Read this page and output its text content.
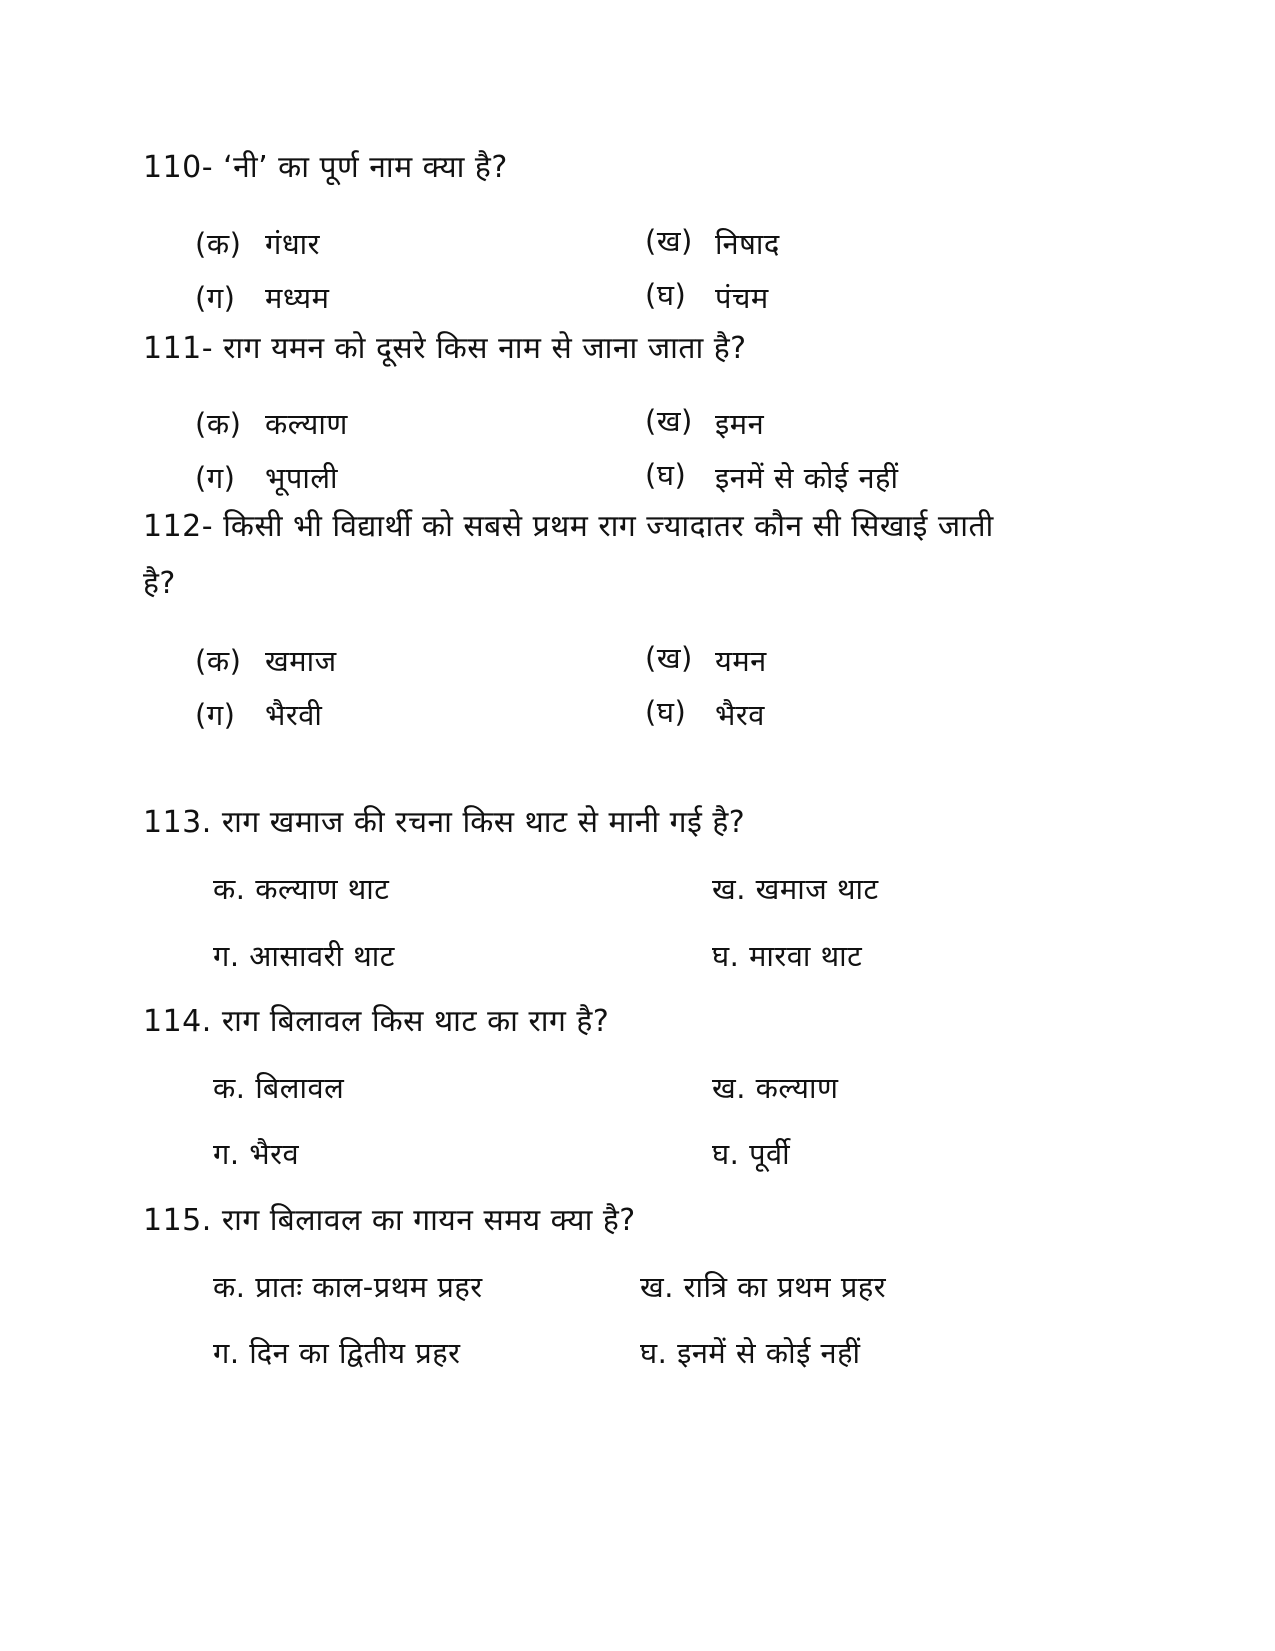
110- ‘नी’ का पूर्ण नाम क्या है?
(क) गंधार	(ख) निषाद
(ग) मध्यम	(घ) पंचम
111- राग यमन को दूसरे किस नाम से जाना जाता है?
(क) कल्याण	(ख) इमन
(ग) भूपाली	(घ) इनमें से कोई नहीं
112- किसी भी विद्यार्थी को सबसे प्रथम राग ज्यादातर कौन सी सिखाई जाती
है?
(क) खमाज	(ख) यमन
(ग) भैरवी	(घ) भैरव
113. राग खमाज की रचना किस थाट से मानी गई है?
क. कल्याण थाट	ख. खमाज थाट
ग. आसावरी थाट	घ. मारवा थाट
114. राग बिलावल किस थाट का राग है?
क. बिलावल	ख. कल्याण
ग. भैरव	घ. पूर्वी
115. राग बिलावल का गायन समय क्या है?
क. प्रातः काल-प्रथम प्रहर	ख. रात्रि का प्रथम प्रहर
ग. दिन का द्वितीय प्रहर	घ. इनमें से कोई नहीं
